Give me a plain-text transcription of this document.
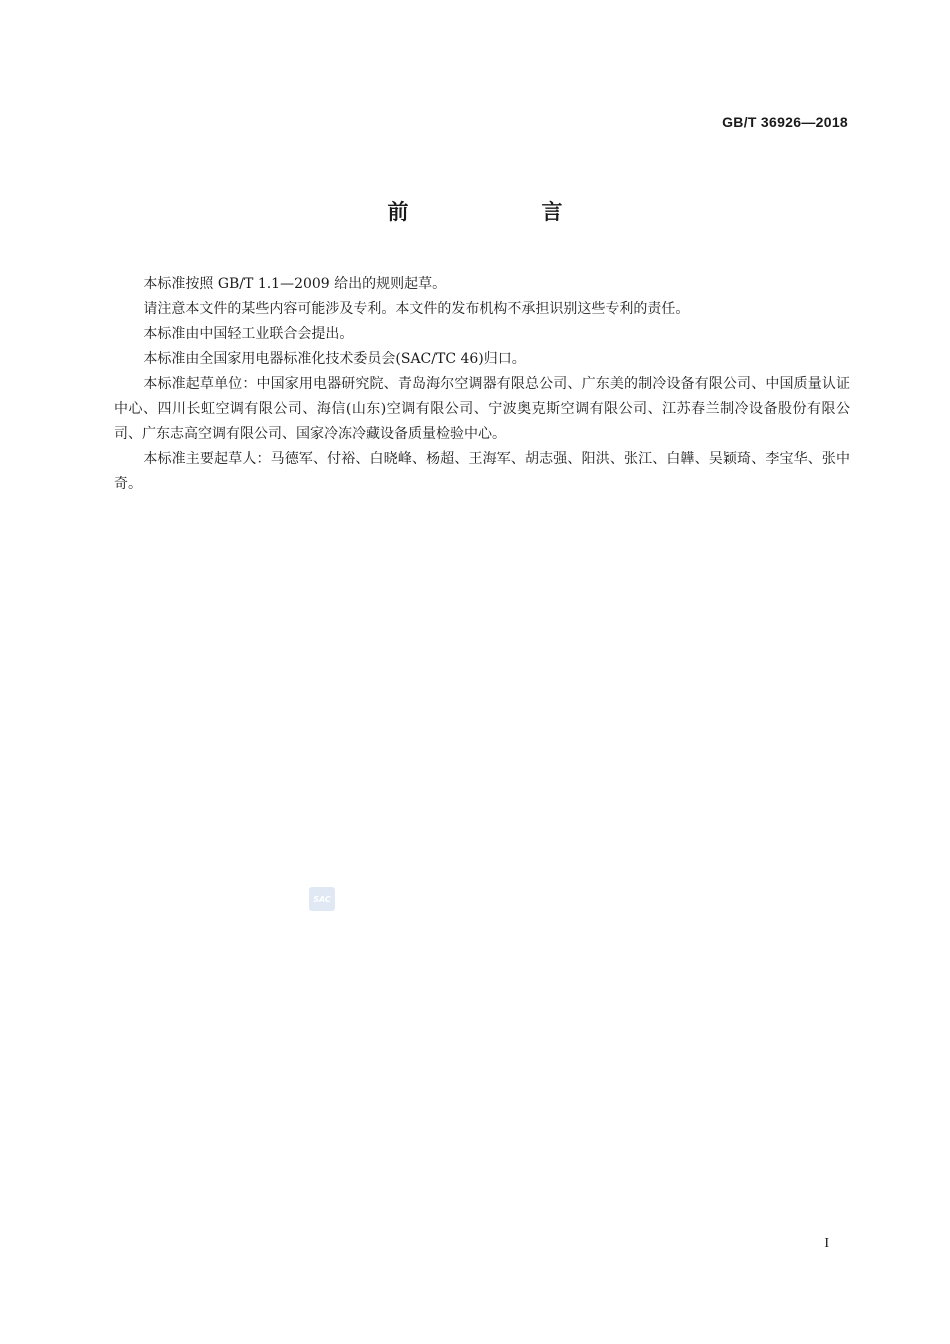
GB/T 36926—2018
前　言

本标准按照 GB/T 1.1—2009 给出的规则起草。

请注意本文件的某些内容可能涉及专利。本文件的发布机构不承担识别这些专利的责任。

本标准由中国轻工业联合会提出。

本标准由全国家用电器标准化技术委员会(SAC/TC 46)归口。

本标准起草单位：中国家用电器研究院、青岛海尔空调器有限总公司、广东美的制冷设备有限公司、中国质量认证中心、四川长虹空调有限公司、海信(山东)空调有限公司、宁波奥克斯空调有限公司、江苏春兰制冷设备股份有限公司、广东志高空调有限公司、国家冷冻冷藏设备质量检验中心。

本标准主要起草人：马德军、付裕、白晓峰、杨超、王海军、胡志强、阳洪、张江、白韡、吴颖琦、李宝华、张中奇。

SAC
I
